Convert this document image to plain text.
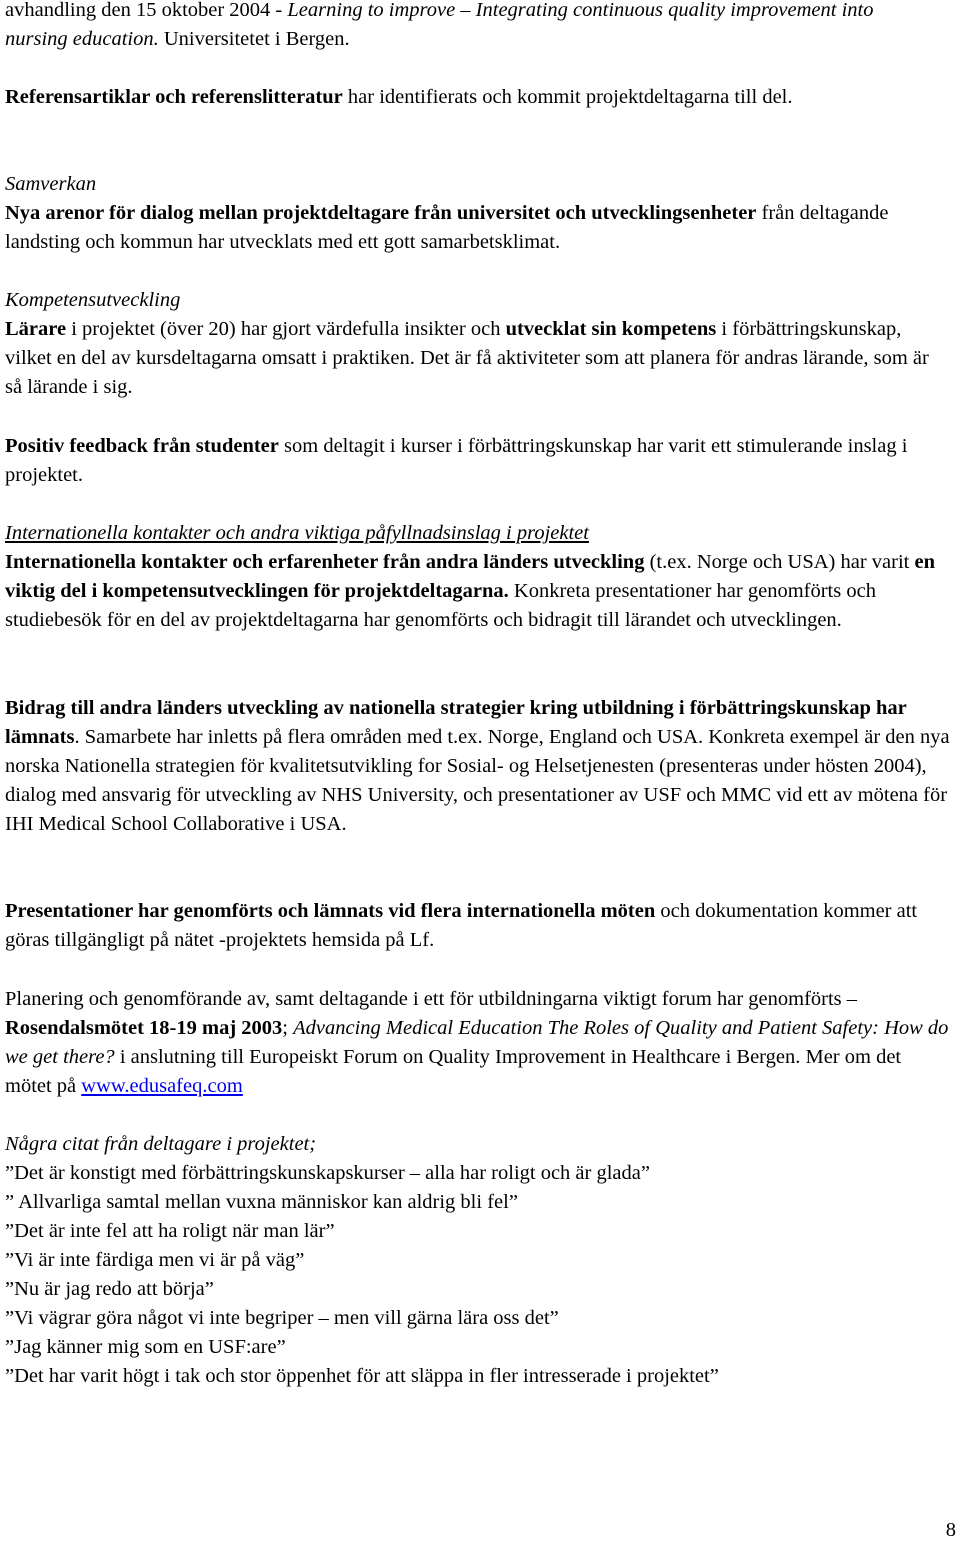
avhandling den 15 oktober 2004 - Learning to improve – Integrating continuous quality improvement into nursing education. Universitetet i Bergen.

Referensartiklar och referenslitteratur har identifierats och kommit projektdeltagarna till del.

Samverkan
Nya arenor för dialog mellan projektdeltagare från universitet och utvecklingsenheter från deltagande landsting och kommun har utvecklats med ett gott samarbetsklimat.

Kompetensutveckling
Lärare i projektet (över 20) har gjort värdefulla insikter och utvecklat sin kompetens i förbättringskunskap, vilket en del av kursdeltagarna omsatt i praktiken. Det är få aktiviteter som att planera för andras lärande, som är så lärande i sig.

Positiv feedback från studenter som deltagit i kurser i förbättringskunskap har varit ett stimulerande inslag i projektet.

Internationella kontakter och andra viktiga påfyllnadsinslag i projektet
Internationella kontakter och erfarenheter från andra länders utveckling (t.ex. Norge och USA) har varit en viktig del i kompetensutvecklingen för projektdeltagarna. Konkreta presentationer har genomförts och studiebesök för en del av projektdeltagarna har genomförts och bidragit till lärandet och utvecklingen.

Bidrag till andra länders utveckling av nationella strategier kring utbildning i förbättringskunskap har lämnats. Samarbete har inletts på flera områden med t.ex. Norge, England och USA. Konkreta exempel är den nya norska Nationella strategien för kvalitetsutvikling for Sosial- og Helsetjenesten (presenteras under hösten 2004), dialog med ansvarig för utveckling av NHS University, och presentationer av USF och MMC vid ett av mötena för IHI Medical School Collaborative i USA.

Presentationer har genomförts och lämnats vid flera internationella möten och dokumentation kommer att göras tillgängligt på nätet -projektets hemsida på Lf.

Planering och genomförande av, samt deltagande i ett för utbildningarna viktigt forum har genomförts – Rosendalsmötet 18-19 maj 2003; Advancing Medical Education The Roles of Quality and Patient Safety: How do we get there? i anslutning till Europeiskt Forum on Quality Improvement in Healthcare i Bergen. Mer om det mötet på www.edusafeq.com

Några citat från deltagare i projektet;
”Det är konstigt med förbättringskunskapskurser – alla har roligt och är glada”
” Allvarliga samtal mellan vuxna människor kan aldrig bli fel”
”Det är inte fel att ha roligt när man lär”
”Vi är inte färdiga men vi är på väg”
”Nu är jag redo att börja”
”Vi vägrar göra något vi inte begriper – men vill gärna lära oss det”
”Jag känner mig som en USF:are”
”Det har varit högt i tak och stor öppenhet för att släppa in fler intresserade i projektet”
8
